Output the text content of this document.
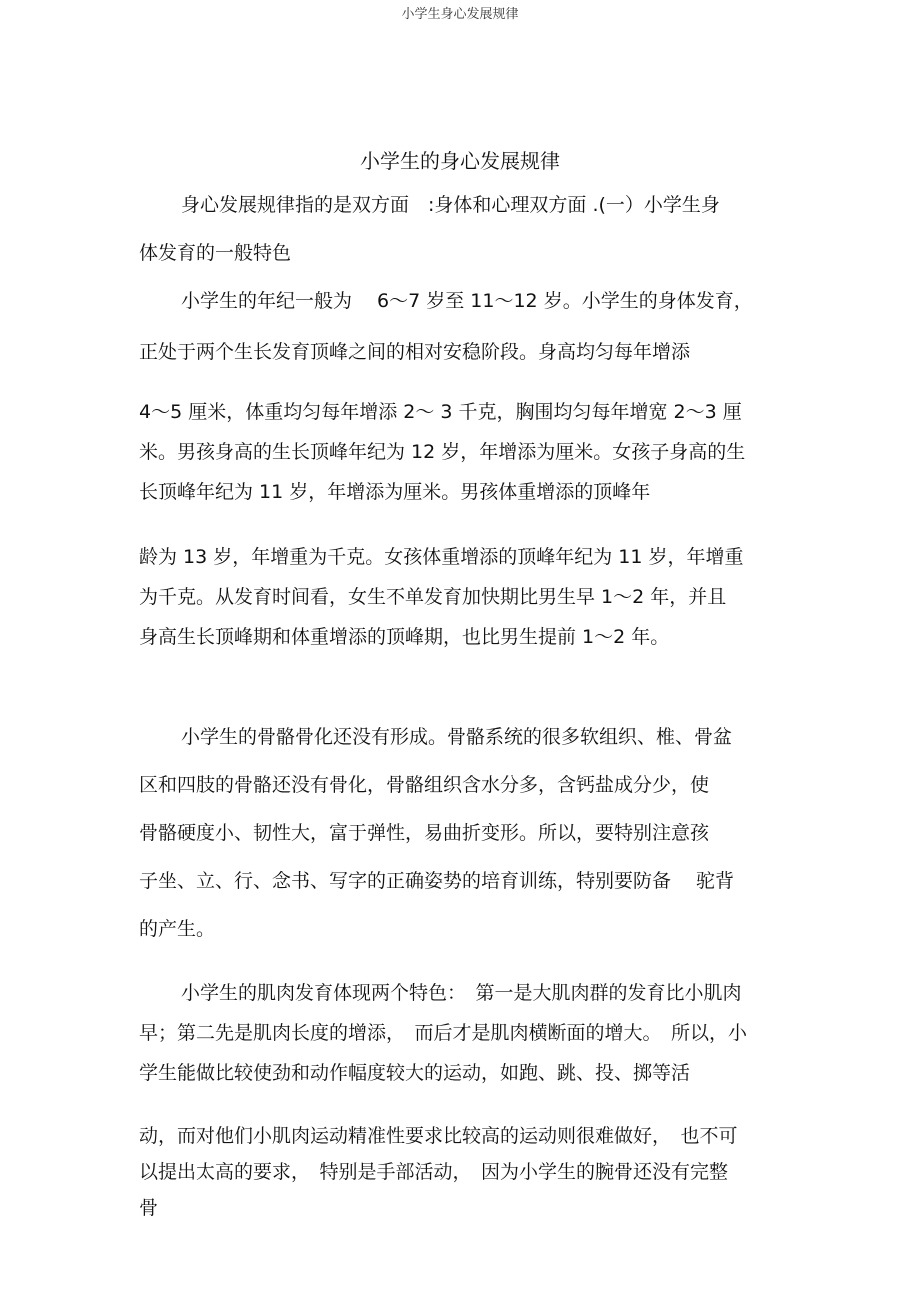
小学生身心发展规律
小学生的身心发展规律
身心发展规律指的是双方面　:身体和心理双方面 .(一）小学生身
体发育的一般特色
小学生的年纪一般为　 6～7 岁至 11～12 岁。小学生的身体发育，
正处于两个生长发育顶峰之间的相对安稳阶段。身高均匀每年增添
4～5 厘米，体重均匀每年增添 2～ 3 千克，胸围均匀每年增宽 2～3 厘
米。男孩身高的生长顶峰年纪为 12 岁，年增添为厘米。女孩子身高的生
长顶峰年纪为 11 岁，年增添为厘米。男孩体重增添的顶峰年
龄为 13 岁，年增重为千克。女孩体重增添的顶峰年纪为 11 岁，年增重
为千克。从发育时间看，女生不单发育加快期比男生早 1～2 年，并且
身高生长顶峰期和体重增添的顶峰期，也比男生提前 1～2 年。
小学生的骨骼骨化还没有形成。骨骼系统的很多软组织、椎、骨盆
区和四肢的骨骼还没有骨化，骨骼组织含水分多，含钙盐成分少，使
骨骼硬度小、韧性大，富于弹性，易曲折变形。所以，要特别注意孩
子坐、立、行、念书、写字的正确姿势的培育训练，特别要防备　 驼背
的产生。
小学生的肌肉发育体现两个特色：　第一是大肌肉群的发育比小肌肉
早；第二先是肌肉长度的增添，　而后才是肌肉横断面的增大。　所以，小
学生能做比较使劲和动作幅度较大的运动，如跑、跳、投、掷等活
动，而对他们小肌肉运动精准性要求比较高的运动则很难做好，　也不可
以提出太高的要求，　特别是手部活动，　因为小学生的腕骨还没有完整
骨
